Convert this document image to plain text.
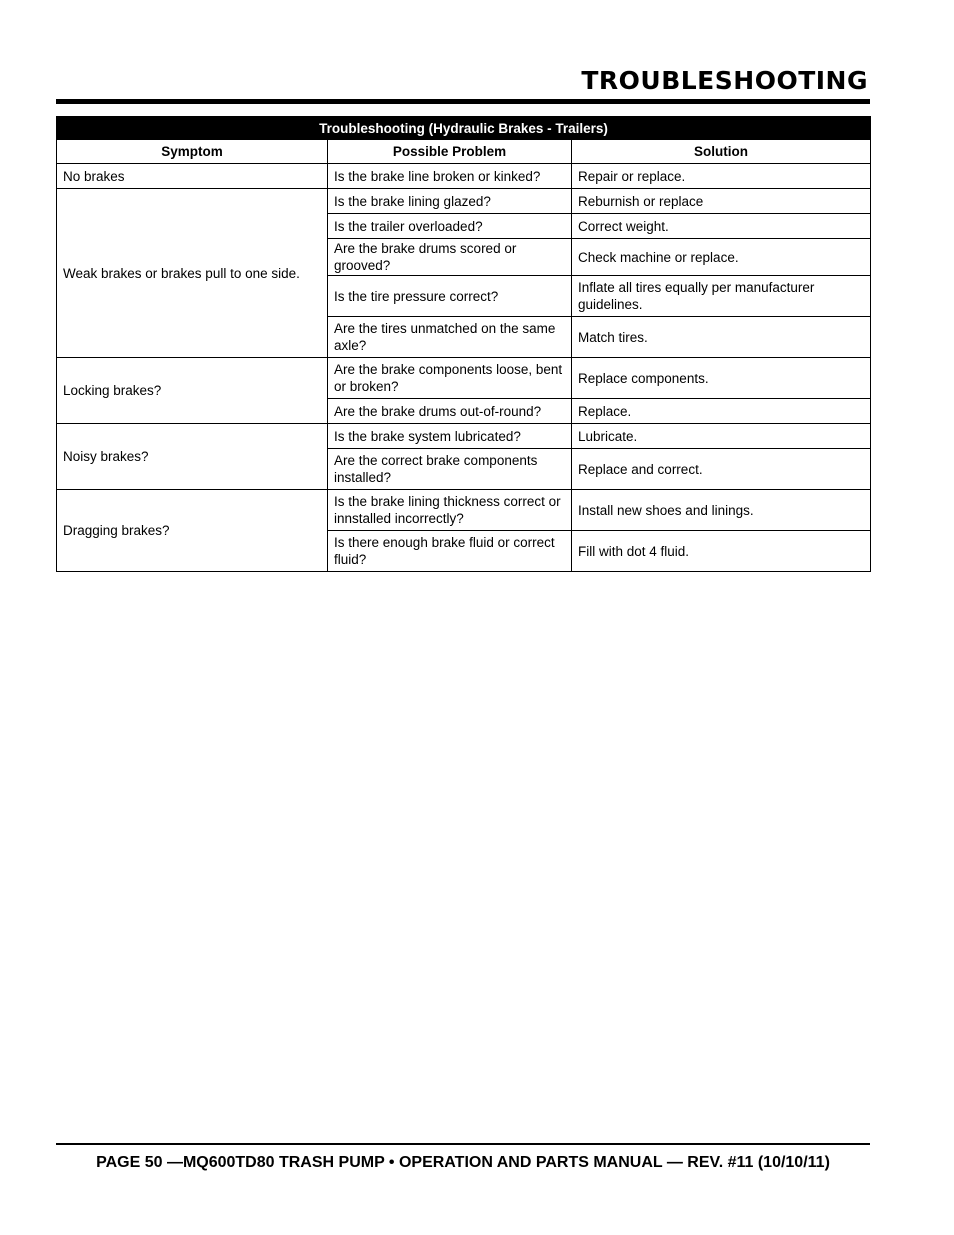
TROUBLESHOOTING
Troubleshooting (Hydraulic Brakes - Trailers)		
Symptom	Possible Problem	Solution
No brakes	Is the brake line broken or kinked?	Repair or replace.
Weak brakes or brakes pull to one side.	Is the brake lining glazed?	Reburnish or replace
	Is the trailer overloaded?	Correct weight.
	Are the brake drums scored or grooved?	Check machine or replace.
	Is the tire pressure correct?	Inflate all tires equally per manufacturer guidelines.
	Are the tires unmatched on the same axle?	Match tires.
Locking brakes?	Are the brake components loose, bent or broken?	Replace components.
	Are the brake drums out-of-round?	Replace.
Noisy brakes?	Is the brake system lubricated?	Lubricate.
	Are the correct brake components installed?	Replace and correct.
Dragging brakes?	Is the brake lining thickness correct or innstalled incorrectly?	Install new shoes and linings.
	Is there enough brake fluid or correct fluid?	Fill with dot 4 fluid.
PAGE 50 —MQ600TD80 TRASH PUMP • OPERATION AND PARTS MANUAL — REV. #11 (10/10/11)
